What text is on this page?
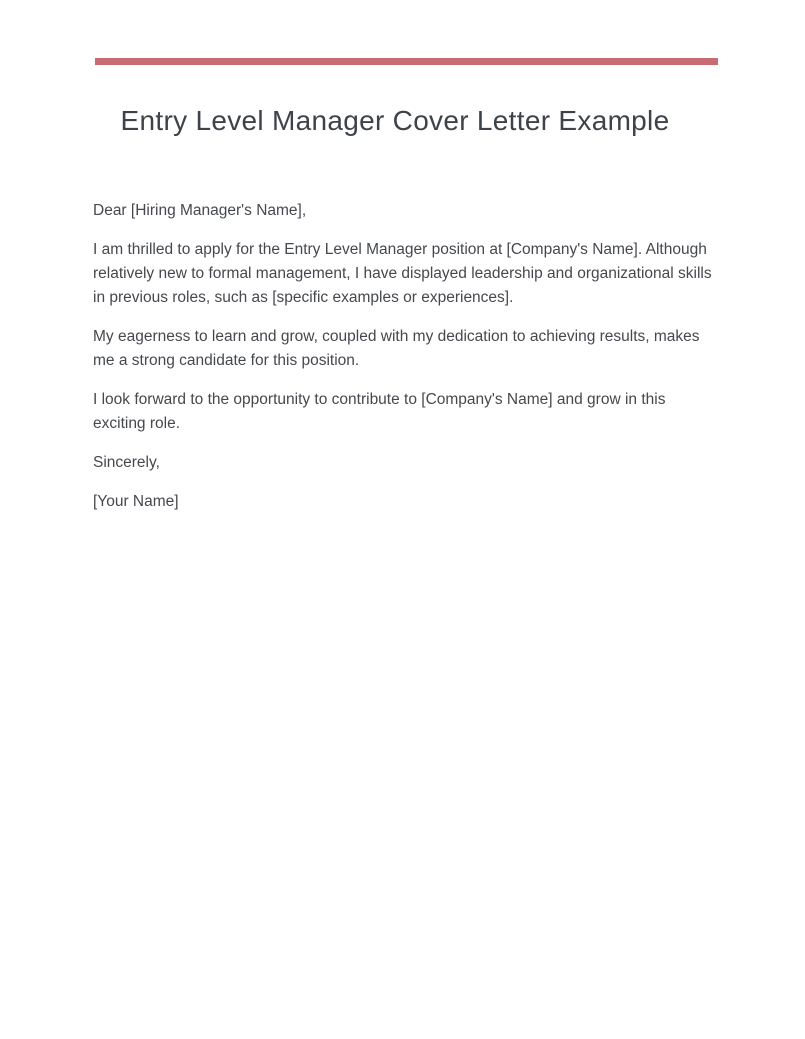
Entry Level Manager Cover Letter Example

Dear [Hiring Manager's Name],

I am thrilled to apply for the Entry Level Manager position at [Company's Name]. Although relatively new to formal management, I have displayed leadership and organizational skills in previous roles, such as [specific examples or experiences].

My eagerness to learn and grow, coupled with my dedication to achieving results, makes me a strong candidate for this position.

I look forward to the opportunity to contribute to [Company's Name] and grow in this exciting role.

Sincerely,

[Your Name]
